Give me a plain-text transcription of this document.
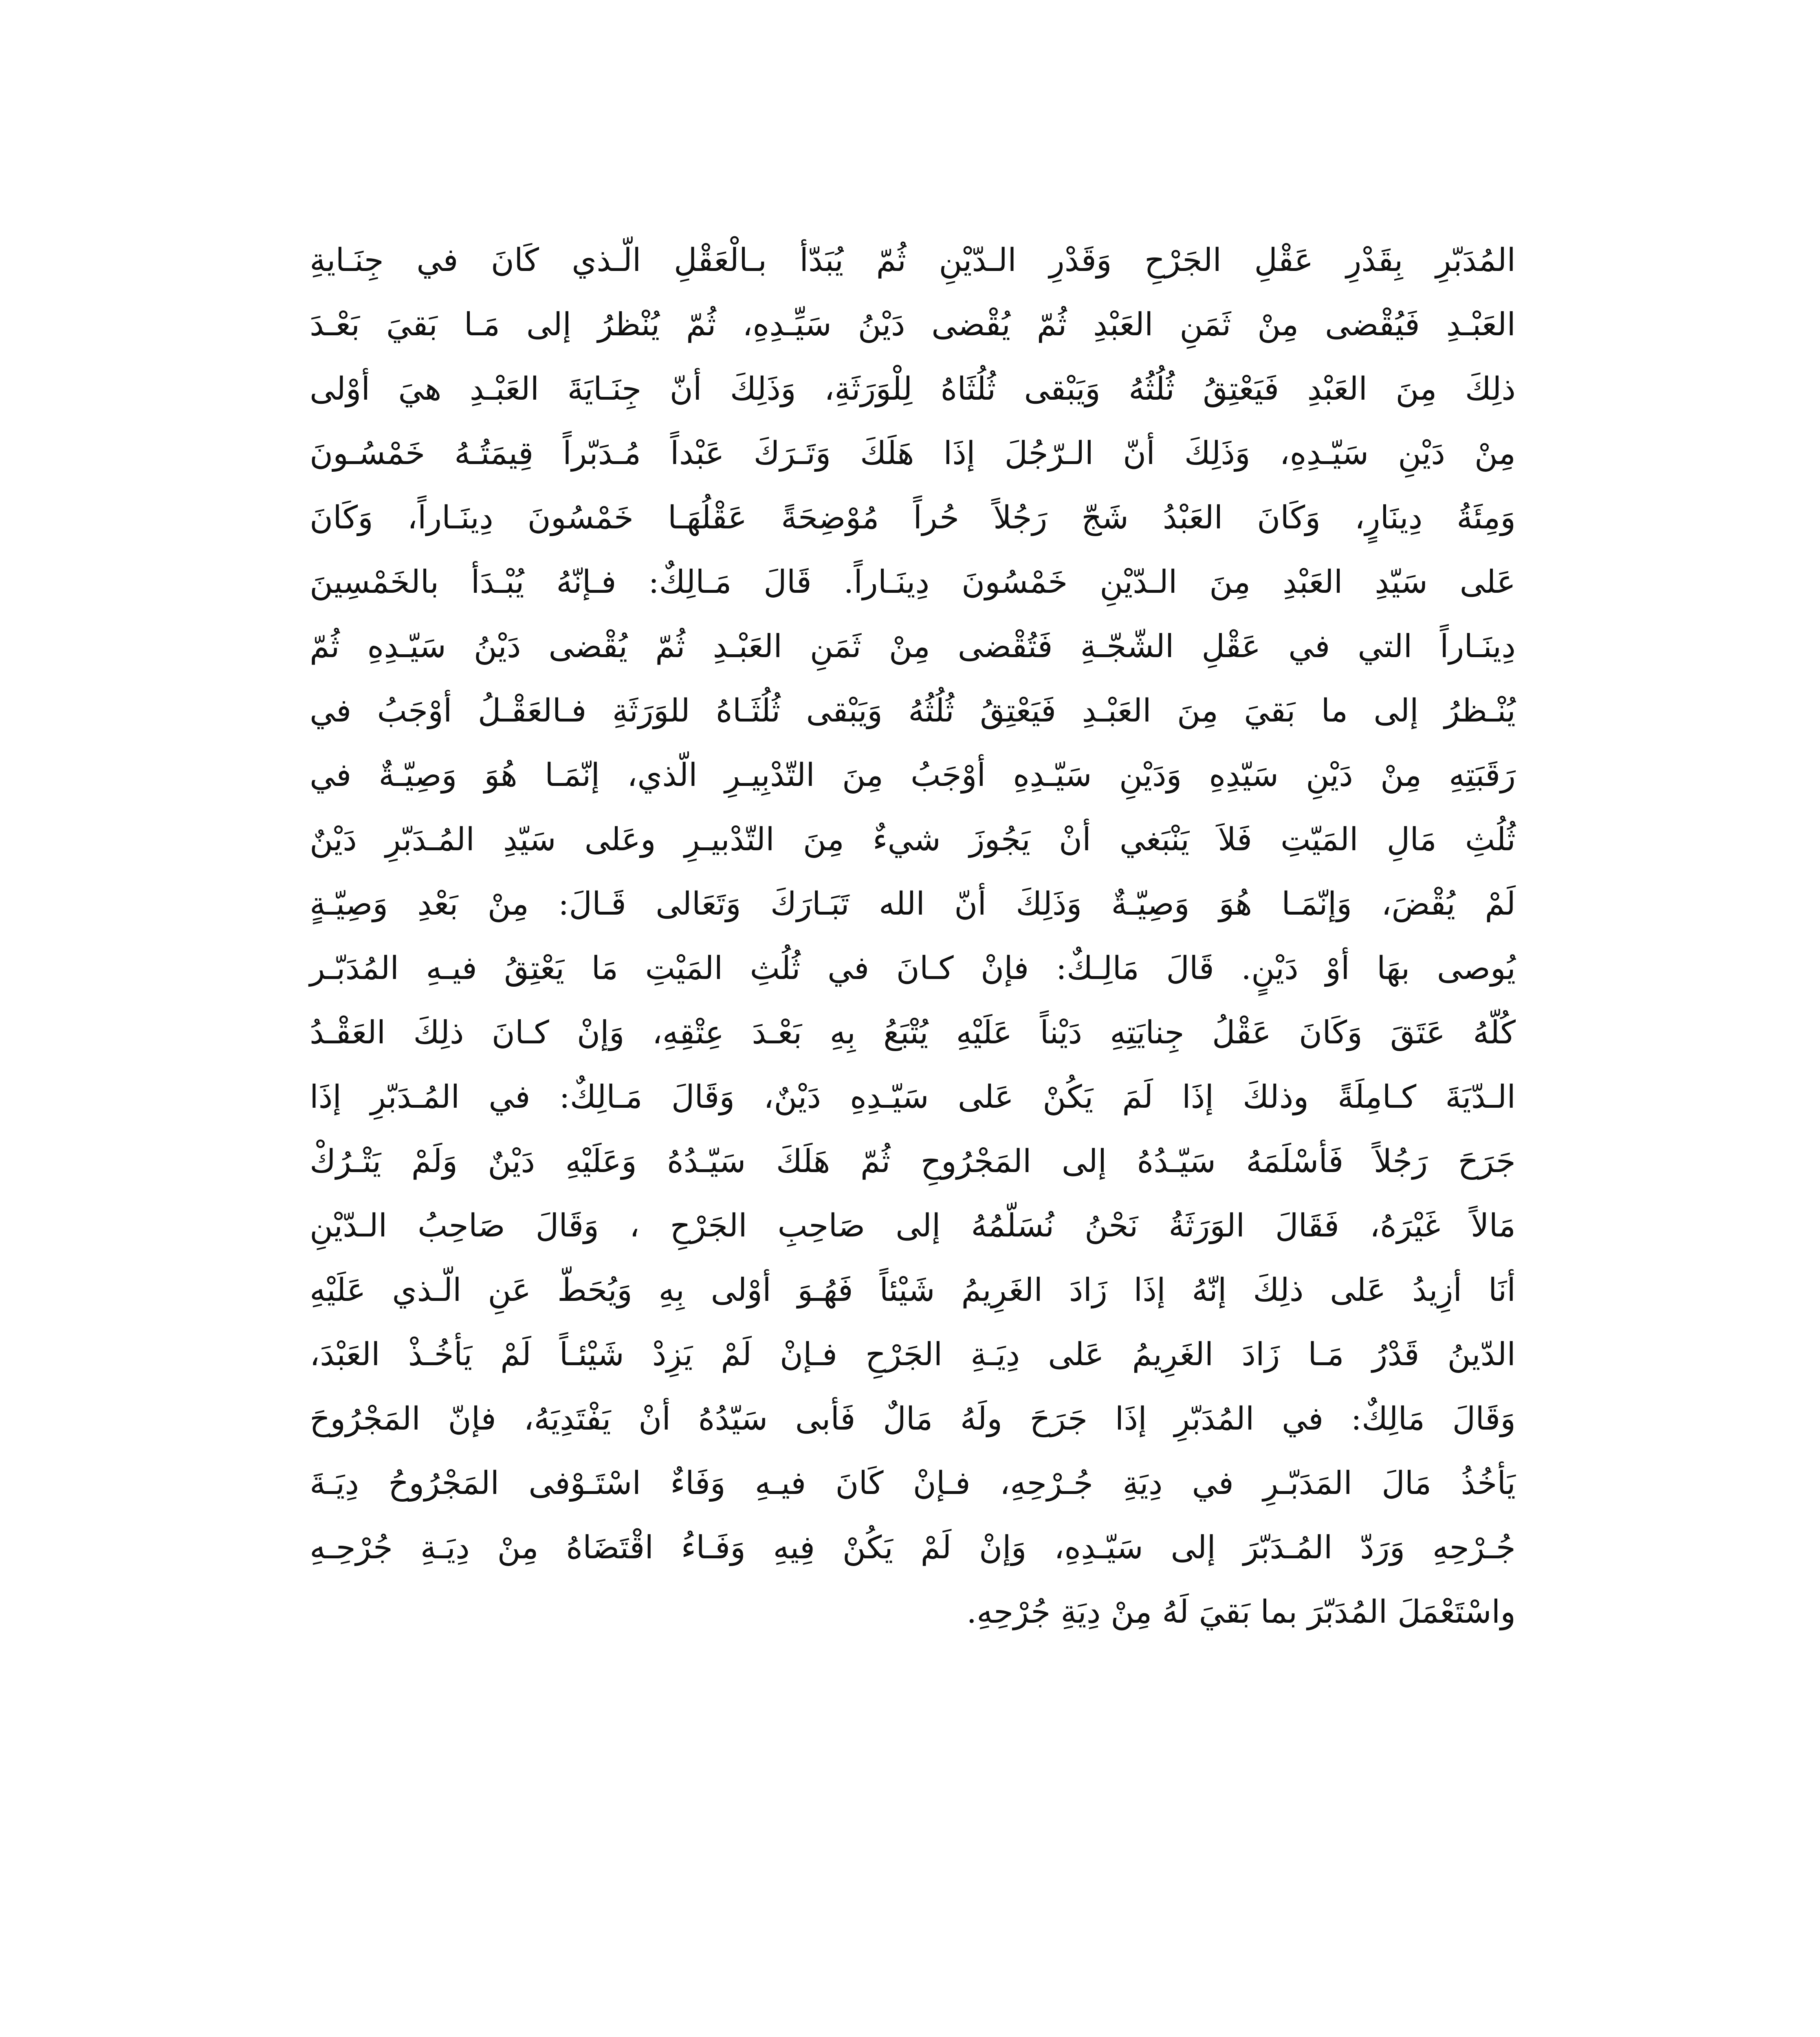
المُدَبّرِ بِقَدْرِ عَقْلِ الجَرْحِ وَقَدْرِ الـدّيْنِ ثُمّ يُبَدّأ بـالْعَقْلِ الّـذي كَانَ في جِنَـايةِ
العَبْـدِ فَيُقْضى مِنْ ثَمَنِ العَبْدِ ثُمّ يُقْضى دَيْنُ سَيِّـدِهِ، ثُمّ يُنْظرُ إلى مَـا بَقيَ بَعْـدَ
ذلِكَ مِنَ العَبْدِ فَيَعْتِقُ ثُلُثُهُ وَيَبْقى ثُلُثَاهُ لِلْوَرَثَةِ، وَذَلِكَ أنّ جِنَـايَةَ العَبْـدِ هيَ أوْلى
مِنْ دَيْنِ سَيّـدِهِ، وَذَلِكَ أنّ الـرّجُلَ إذَا هَلَكَ وَتَـرَكَ عَبْداً مُـدَبّراً قِيمَتُـهُ خَمْسُـونَ
وَمِئَةُ دِينَارٍ، وَكَانَ العَبْدُ شَجّ رَجُلاً حُراً مُوْضِحَةً عَقْلُهَـا خَمْسُونَ دِينَـاراً، وَكَانَ
عَلى سَيّدِ العَبْدِ مِنَ الـدّيْنِ خَمْسُونَ دِينَـاراً. قَالَ مَـالِكٌ: فـإنّهُ يُبْـدَأ بالخَمْسِينَ
دِينَـاراً التي في عَقْلِ الشّجّـةِ فَتُقْضى مِنْ ثَمَنِ العَبْـدِ ثُمّ يُقْضى دَيْنُ سَيّـدِهِ ثُمّ
يُنْـظرُ إلى ما بَقيَ مِنَ العَبْـدِ فَيَعْتِقُ ثُلُثُهُ وَيَبْقى ثُلُثَـاهُ للوَرَثَةِ فـالعَقْـلُ أوْجَبُ في
رَقَبَتِهِ مِنْ دَيْنِ سَيّدِهِ وَدَيْنِ سَيّـدِهِ أوْجَبُ مِنَ التّدْبِيـرِ الّذي، إنّمَـا هُوَ وَصِيّـةٌ في
ثُلُثِ مَالِ المَيّتِ فَلاَ يَنْبَغي أنْ يَجُوزَ شيءٌ مِنَ التّدْبيـرِ وعَلى سَيّدِ المُـدَبّرِ دَيْنٌ
لَمْ يُقْضَ، وَإنّمَـا هُوَ وَصِيّـةٌ وَذَلِكَ أنّ الله تَبَـارَكَ وَتَعَالى قَـالَ: مِنْ بَعْدِ وَصِيّـةٍ
يُوصى بهَا أوْ دَيْنٍ. قَالَ مَالِـكٌ: فإنْ كـانَ في ثُلُثِ المَيْتِ مَا يَعْتِقُ فيـهِ المُدَبّـر
كُلّهُ عَتَقَ وَكَانَ عَقْلُ جِنايَتِهِ دَيْناً عَلَيْهِ يُتْبَعُ بِهِ بَعْـدَ عِتْقِهِ، وَإنْ كـانَ ذلِكَ العَقْـدُ
الـدّيَةَ كـامِلَةً وذلكَ إذَا لَمَ يَكُنْ عَلى سَيّـدِهِ دَيْنٌ، وَقَالَ مَـالِكٌ: في المُـدَبّرِ إذَا
جَرَحَ رَجُلاً فَأسْلَمَهُ سَيّـدُهُ إلى المَجْرُوحِ ثُمّ هَلَكَ سَيّـدُهُ وَعَلَيْهِ دَيْنٌ وَلَمْ يَتْـرُكْ
مَالاً غَيْرَهُ، فَقَالَ الوَرَثَةُ نَحْنُ نُسَلّمُهُ إلى صَاحِبِ الجَرْحِ ، وَقَالَ صَاحِبُ الـدّيْنِ
أنَا أزِيدُ عَلى ذلِكَ إنّهُ إذَا زَادَ الغَرِيمُ شَيْئاً فَهُـوَ أوْلى بِهِ وَيُحَطّ عَنِ الّـذي عَلَيْهِ
الدّينُ قَدْرُ مَـا زَادَ الغَرِيمُ عَلى دِيَـةِ الجَرْحِ فـإنْ لَمْ يَزِدْ شَيْئـاً لَمْ يَأخُـذْ العَبْدَ،
وَقَالَ مَالِكٌ: في المُدَبّرِ إذَا جَرَحَ ولَهُ مَالٌ فَأبى سَيّدُهُ أنْ يَفْتَدِيَهُ، فإنّ المَجْرُوحَ
يَأخُذُ مَالَ المَدَبّـرِ في دِيَةِ جُـرْحِهِ، فـإنْ كَانَ فيـهِ وَفَاءٌ اسْتَـوْفى المَجْرُوحُ دِيَـةَ
جُـرْحِهِ وَرَدّ المُـدَبّرَ إلى سَيّـدِهِ، وَإنْ لَمْ يَكُنْ فِيهِ وَفَـاءُ اقْتَضَاهُ مِنْ دِيَـةِ جُرْحِـهِ
واسْتَعْمَلَ المُدَبّرَ بما بَقيَ لَهُ مِنْ دِيَةِ جُرْحِهِ.
